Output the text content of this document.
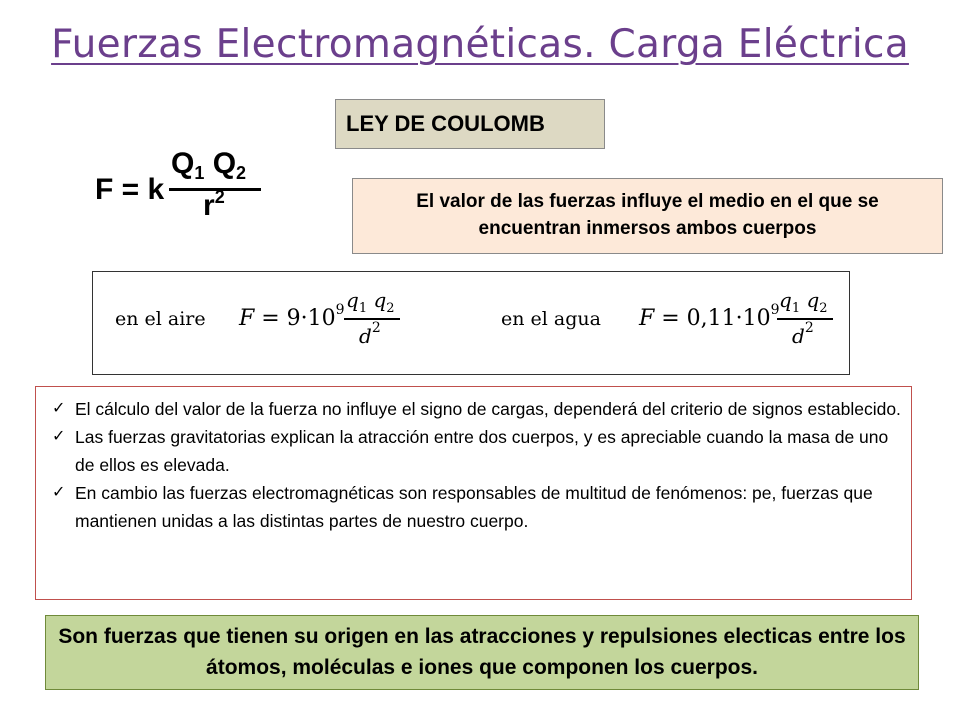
Fuerzas Electromagnéticas. Carga Eléctrica
LEY DE COULOMB
F = k
$Q_1$ $Q_2$
$r^2$	El valor de las fuerzas influye el medio en el que se encuentran inmersos ambos cuerpos
en el aire $F = 9\cdot 10^9$ $q_1$ $q_2$
$d^2$	en el agua $F = 0,11\cdot 10^9$ $q_1$ $q_2$
$d^2$
✓ El cálculo del valor de la fuerza no influye el signo de cargas, dependerá del criterio de signos establecido.
✓ Las fuerzas gravitatorias explican la atracción entre dos cuerpos, y es apreciable cuando la masa de uno de ellos es elevada.
✓ En cambio las fuerzas electromagnéticas son responsables de multitud de fenómenos: pe, fuerzas que mantienen unidas a las distintas partes de nuestro cuerpo.
Son fuerzas que tienen su origen en las atracciones y repulsiones electicas entre los átomos, moléculas e iones que componen los cuerpos.
